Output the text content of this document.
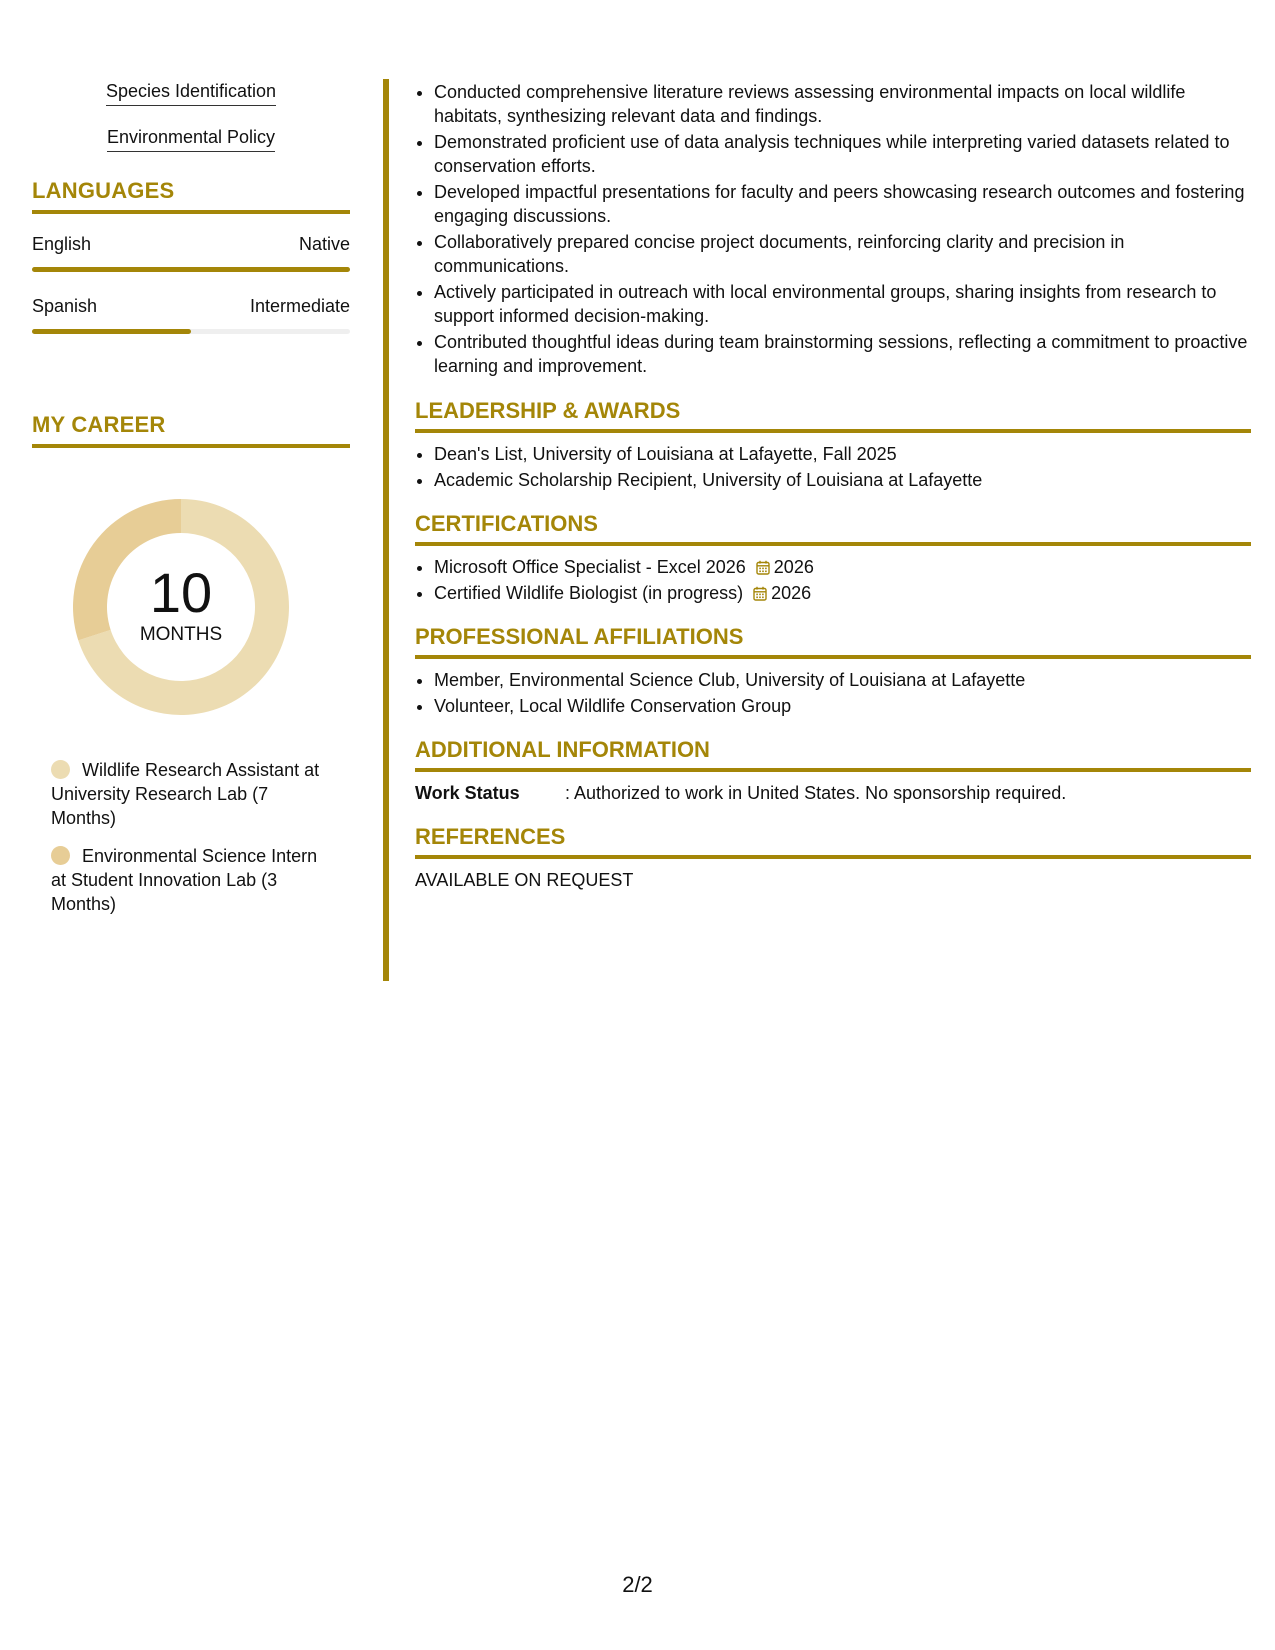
Species Identification
Environmental Policy
LANGUAGES
English	Native
Spanish	Intermediate
MY CAREER
10
MONTHS
Wildlife Research Assistant at University Research Lab (7 Months)
Environmental Science Intern at Student Innovation Lab (3 Months)
• Conducted comprehensive literature reviews assessing environmental impacts on local wildlife habitats, synthesizing relevant data and findings.
• Demonstrated proficient use of data analysis techniques while interpreting varied datasets related to conservation efforts.
• Developed impactful presentations for faculty and peers showcasing research outcomes and fostering engaging discussions.
• Collaboratively prepared concise project documents, reinforcing clarity and precision in communications.
• Actively participated in outreach with local environmental groups, sharing insights from research to support informed decision-making.
• Contributed thoughtful ideas during team brainstorming sessions, reflecting a commitment to proactive learning and improvement.
LEADERSHIP & AWARDS
• Dean's List, University of Louisiana at Lafayette, Fall 2025
• Academic Scholarship Recipient, University of Louisiana at Lafayette
CERTIFICATIONS
• Microsoft Office Specialist - Excel 2026 2026
• Certified Wildlife Biologist (in progress) 2026
PROFESSIONAL AFFILIATIONS
• Member, Environmental Science Club, University of Louisiana at Lafayette
• Volunteer, Local Wildlife Conservation Group
ADDITIONAL INFORMATION
Work Status	: Authorized to work in United States. No sponsorship required.
REFERENCES
AVAILABLE ON REQUEST
2/2
